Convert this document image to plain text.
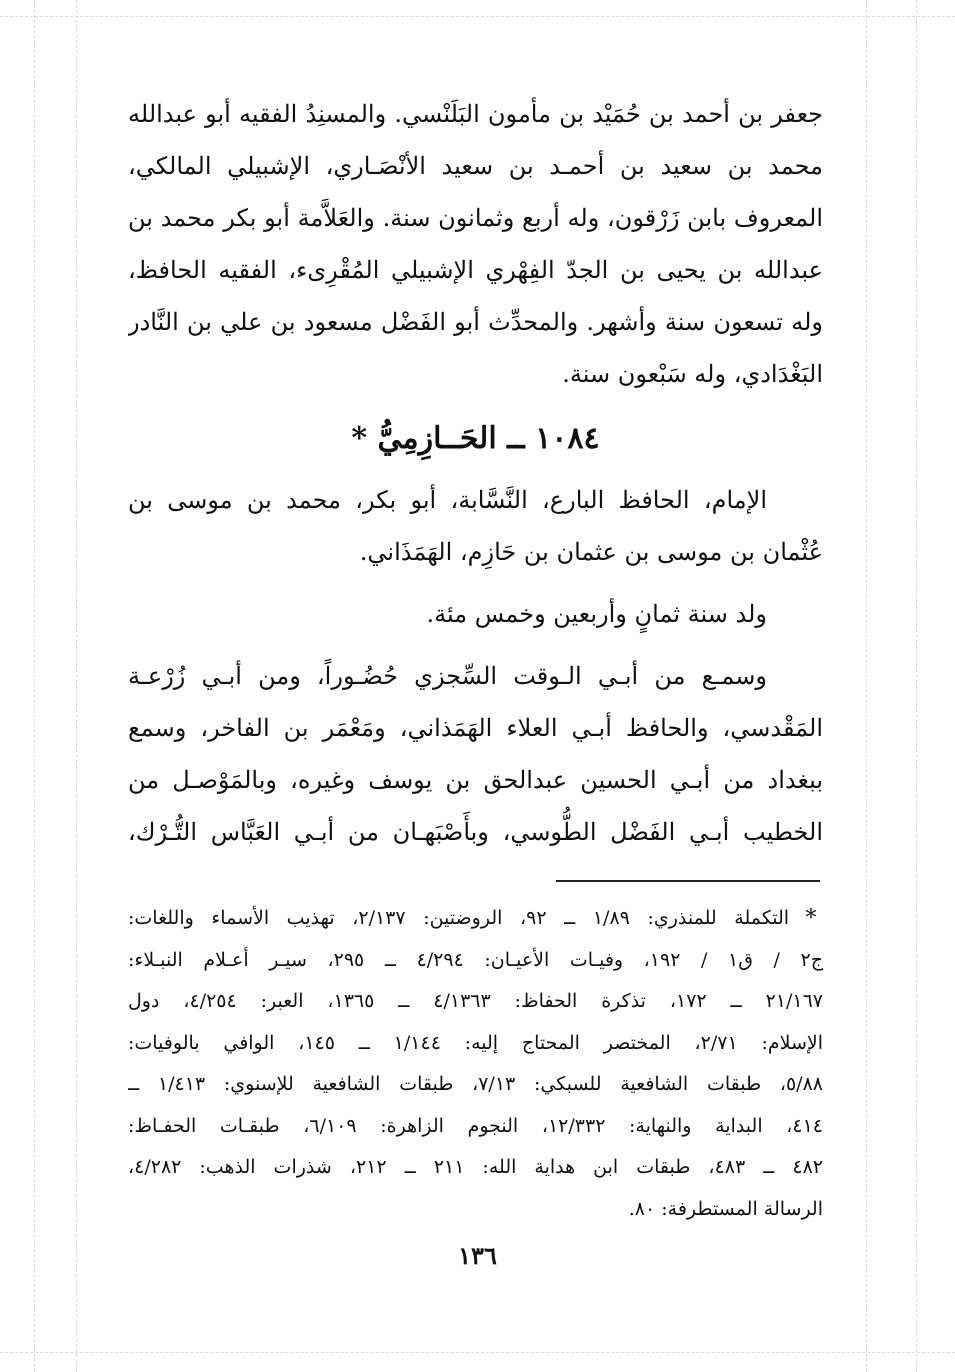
جعفر بن أحمد بن حُمَيْد بن مأمون البَلَنْسي. والمسنِدُ الفقيه أبو عبدالله
محمد بن سعيد بن أحمـد بن سعيد الأنْصَـاري، الإشبيلي المالكي،
المعروف بابن زَرْقون، وله أربع وثمانون سنة. والعَلاَّمة أبو بكر محمد بن
عبدالله بن يحيى بن الجدّ الفِهْري الإشبيلي المُقْرِىء، الفقيه الحافظ،
وله تسعون سنة وأشهر. والمحدِّث أبو الفَضْل مسعود بن علي بن النَّادر
البَغْدَادي، وله سَبْعون سنة.
١٠٨٤ ــ الحَــازِمِيُّ *
الإمام، الحافظ البارع، النَّسَّابة، أبو بكر، محمد بن موسى بن
عُثْمان بن موسى بن عثمان بن حَازِم، الهَمَذَاني.
ولد سنة ثمانٍ وأربعين وخمس مئة.
وسمـع من أبـي الـوقت السِّجزي حُضُـوراً، ومن أبـي زُرْعـة
المَقْدسي، والحافظ أبـي العلاء الهَمَذاني، ومَعْمَر بن الفاخر، وسمع
ببغداد من أبـي الحسين عبدالحق بن يوسف وغيره، وبالمَوْصـل من
الخطيب أبـي الفَضْل الطُّوسي، وبأَصْبَهـان من أبـي العَبَّاس التُّـرْك،
*
التكملة للمنذري: ١/٨٩ ــ ٩٢، الروضتين: ٢/١٣٧، تهذيب الأسماء واللغات:
ج٢ / ق١ / ١٩٢، وفيـات الأعيـان: ٤/٢٩٤ ــ ٢٩٥، سيـر أعـلام النبـلاء:
٢١/١٦٧ ــ ١٧٢، تذكرة الحفاظ: ٤/١٣٦٣ ــ ١٣٦٥، العبر: ٤/٢٥٤، دول
الإسلام: ٢/٧١، المختصر المحتاج إليه: ١/١٤٤ ــ ١٤٥، الوافي بالوفيات:
٥/٨٨، طبقات الشافعية للسبكي: ٧/١٣، طبقات الشافعية للإسنوي: ١/٤١٣ ــ
٤١٤، البداية والنهاية: ١٢/٣٣٢، النجوم الزاهرة: ٦/١٠٩، طبقـات الحفـاظ:
٤٨٢ ــ ٤٨٣، طبقات ابن هداية الله: ٢١١ ــ ٢١٢، شذرات الذهب: ٤/٢٨٢،
الرسالة المستطرفة: ٨٠.
١٣٦
